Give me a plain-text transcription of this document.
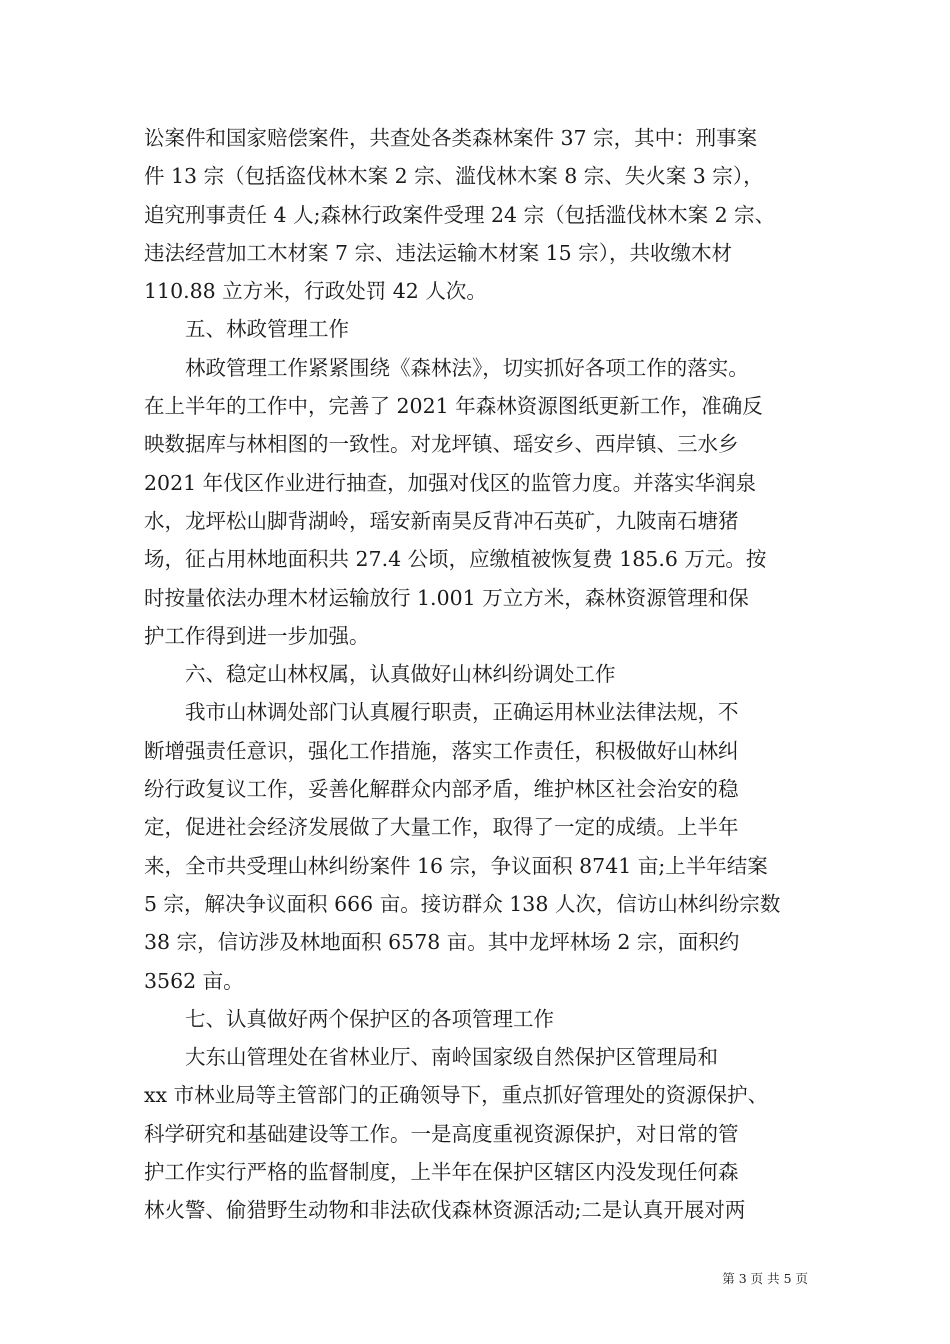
讼案件和国家赔偿案件，共查处各类森林案件 37 宗，其中：刑事案
件 13 宗（包括盗伐林木案 2 宗、滥伐林木案 8 宗、失火案 3 宗），
追究刑事责任 4 人;森林行政案件受理 24 宗（包括滥伐林木案 2 宗、
违法经营加工木材案 7 宗、违法运输木材案 15 宗），共收缴木材
110.88 立方米，行政处罚 42 人次。
五、林政管理工作
林政管理工作紧紧围绕《森林法》，切实抓好各项工作的落实。
在上半年的工作中，完善了 2021 年森林资源图纸更新工作，准确反
映数据库与林相图的一致性。对龙坪镇、瑶安乡、西岸镇、三水乡
2021 年伐区作业进行抽查，加强对伐区的监管力度。并落实华润泉
水，龙坪松山脚背湖岭，瑶安新南昊反背冲石英矿，九陂南石塘猪
场，征占用林地面积共 27.4 公顷，应缴植被恢复费 185.6 万元。按
时按量依法办理木材运输放行 1.001 万立方米，森林资源管理和保
护工作得到进一步加强。
六、稳定山林权属，认真做好山林纠纷调处工作
我市山林调处部门认真履行职责，正确运用林业法律法规，不
断增强责任意识，强化工作措施，落实工作责任，积极做好山林纠
纷行政复议工作，妥善化解群众内部矛盾，维护林区社会治安的稳
定，促进社会经济发展做了大量工作，取得了一定的成绩。上半年
来，全市共受理山林纠纷案件 16 宗，争议面积 8741 亩;上半年结案
5 宗，解决争议面积 666 亩。接访群众 138 人次，信访山林纠纷宗数
38 宗，信访涉及林地面积 6578 亩。其中龙坪林场 2 宗，面积约
3562 亩。
七、认真做好两个保护区的各项管理工作
大东山管理处在省林业厅、南岭国家级自然保护区管理局和
xx 市林业局等主管部门的正确领导下，重点抓好管理处的资源保护、
科学研究和基础建设等工作。一是高度重视资源保护，对日常的管
护工作实行严格的监督制度，上半年在保护区辖区内没发现任何森
林火警、偷猎野生动物和非法砍伐森林资源活动;二是认真开展对两
第 3 页 共 5 页
